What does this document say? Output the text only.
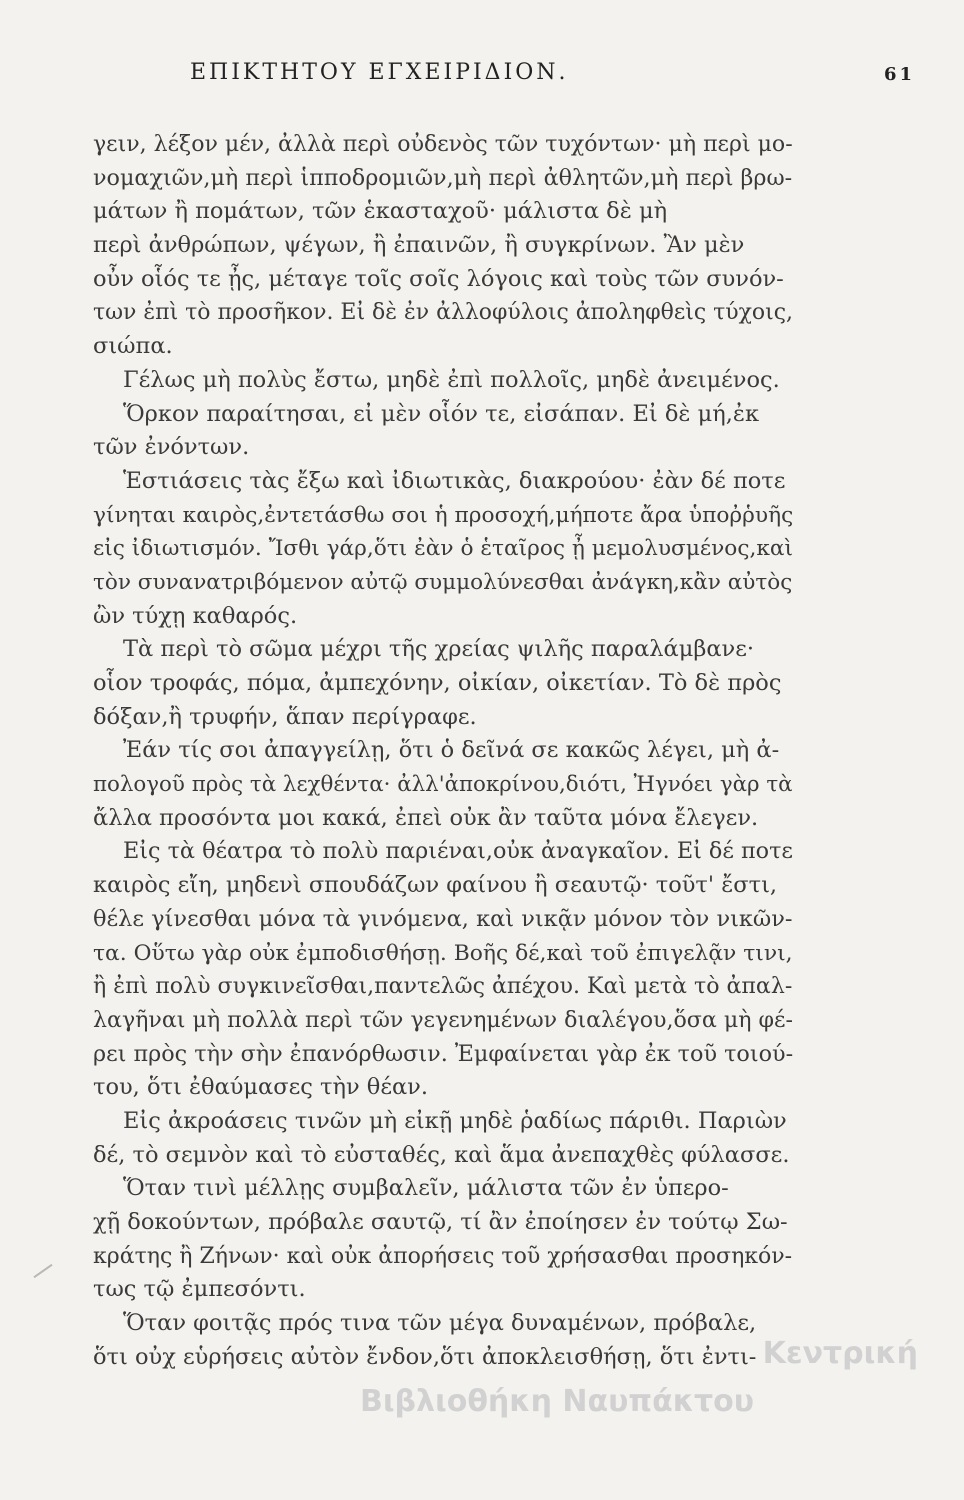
ΕΠΙΚΤΗΤΟΥ ΕΓΧΕΙΡΙΔΙΟΝ.	61
γειν, λέξον μέν, ἀλλὰ περὶ οὐδενὸς τῶν τυχόντων· μὴ περὶ μο-
νομαχιῶν,μὴ περὶ ἱπποδρομιῶν,μὴ περὶ ἀθλητῶν,μὴ περὶ βρω-
μάτων ἢ πομάτων, τῶν ἑκασταχοῦ· μάλιστα δὲ μὴ
περὶ ἀνθρώπων, ψέγων, ἢ ἐπαινῶν, ἢ συγκρίνων. Ἂν μὲν
οὖν οἷός τε ᾖς, μέταγε τοῖς σοῖς λόγοις καὶ τοὺς τῶν συνόν-
των ἐπὶ τὸ προσῆκον. Εἰ δὲ ἐν ἀλλοφύλοις ἀποληφθεὶς τύχοις,
σιώπα.
Γέλως μὴ πολὺς ἔστω, μηδὲ ἐπὶ πολλοῖς, μηδὲ ἀνειμένος.
Ὅρκον παραίτησαι, εἰ μὲν οἷόν τε, εἰσάπαν. Εἰ δὲ μή,ἐκ
τῶν ἐνόντων.
Ἑστιάσεις τὰς ἔξω καὶ ἰδιωτικὰς, διακρούου· ἐὰν δέ ποτε
γίνηται καιρὸς,ἐντετάσθω σοι ἡ προσοχή,μήποτε ἄρα ὑποῤῥυῆς
εἰς ἰδιωτισμόν. Ἴσθι γάρ,ὅτι ἐὰν ὁ ἑταῖρος ᾖ μεμολυσμένος,καὶ
τὸν συνανατριβόμενον αὐτῷ συμμολύνεσθαι ἀνάγκη,κἂν αὐτὸς
ὢν τύχῃ καθαρός.
Τὰ περὶ τὸ σῶμα μέχρι τῆς χρείας ψιλῆς παραλάμβανε·
οἷον τροφάς, πόμα, ἀμπεχόνην, οἰκίαν, οἰκετίαν. Τὸ δὲ πρὸς
δόξαν,ἢ τρυφήν, ἅπαν περίγραφε.
Ἐάν τίς σοι ἀπαγγείλῃ, ὅτι ὁ δεῖνά σε κακῶς λέγει, μὴ ἀ-
πολογοῦ πρὸς τὰ λεχθέντα· ἀλλ'ἀποκρίνου,διότι, Ἠγνόει γὰρ τὰ
ἄλλα προσόντα μοι κακά, ἐπεὶ οὐκ ἂν ταῦτα μόνα ἔλεγεν.
Εἰς τὰ θέατρα τὸ πολὺ παριέναι,οὐκ ἀναγκαῖον. Εἰ δέ ποτε
καιρὸς εἴη, μηδενὶ σπουδάζων φαίνου ἢ σεαυτῷ· τοῦτ' ἔστι,
θέλε γίνεσθαι μόνα τὰ γινόμενα, καὶ νικᾷν μόνον τὸν νικῶν-
τα. Οὕτω γὰρ οὐκ ἐμποδισθήσῃ. Βοῆς δέ,καὶ τοῦ ἐπιγελᾷν τινι,
ἢ ἐπὶ πολὺ συγκινεῖσθαι,παντελῶς ἀπέχου. Καὶ μετὰ τὸ ἀπαλ-
λαγῆναι μὴ πολλὰ περὶ τῶν γεγενημένων διαλέγου,ὅσα μὴ φέ-
ρει πρὸς τὴν σὴν ἐπανόρθωσιν. Ἐμφαίνεται γὰρ ἐκ τοῦ τοιού-
του, ὅτι ἐθαύμασες τὴν θέαν.
Εἰς ἀκροάσεις τινῶν μὴ εἰκῇ μηδὲ ῥαδίως πάριθι. Παριὼν
δέ, τὸ σεμνὸν καὶ τὸ εὐσταθές, καὶ ἅμα ἀνεπαχθὲς φύλασσε.
Ὅταν τινὶ μέλλῃς συμβαλεῖν, μάλιστα τῶν ἐν ὑπερο-
χῇ δοκούντων, πρόβαλε σαυτῷ, τί ἂν ἐποίησεν ἐν τούτῳ Σω-
κράτης ἢ Ζήνων· καὶ οὐκ ἀπορήσεις τοῦ χρήσασθαι προσηκόν-
τως τῷ ἐμπεσόντι.
Ὅταν φοιτᾷς πρός τινα τῶν μέγα δυναμένων, πρόβαλε,
ὅτι οὐχ εὑρήσεις αὐτὸν ἔνδον,ὅτι ἀποκλεισθήσῃ, ὅτι ἐντι- Κεντρική
Βιβλιοθήκη Ναυπάκτου
